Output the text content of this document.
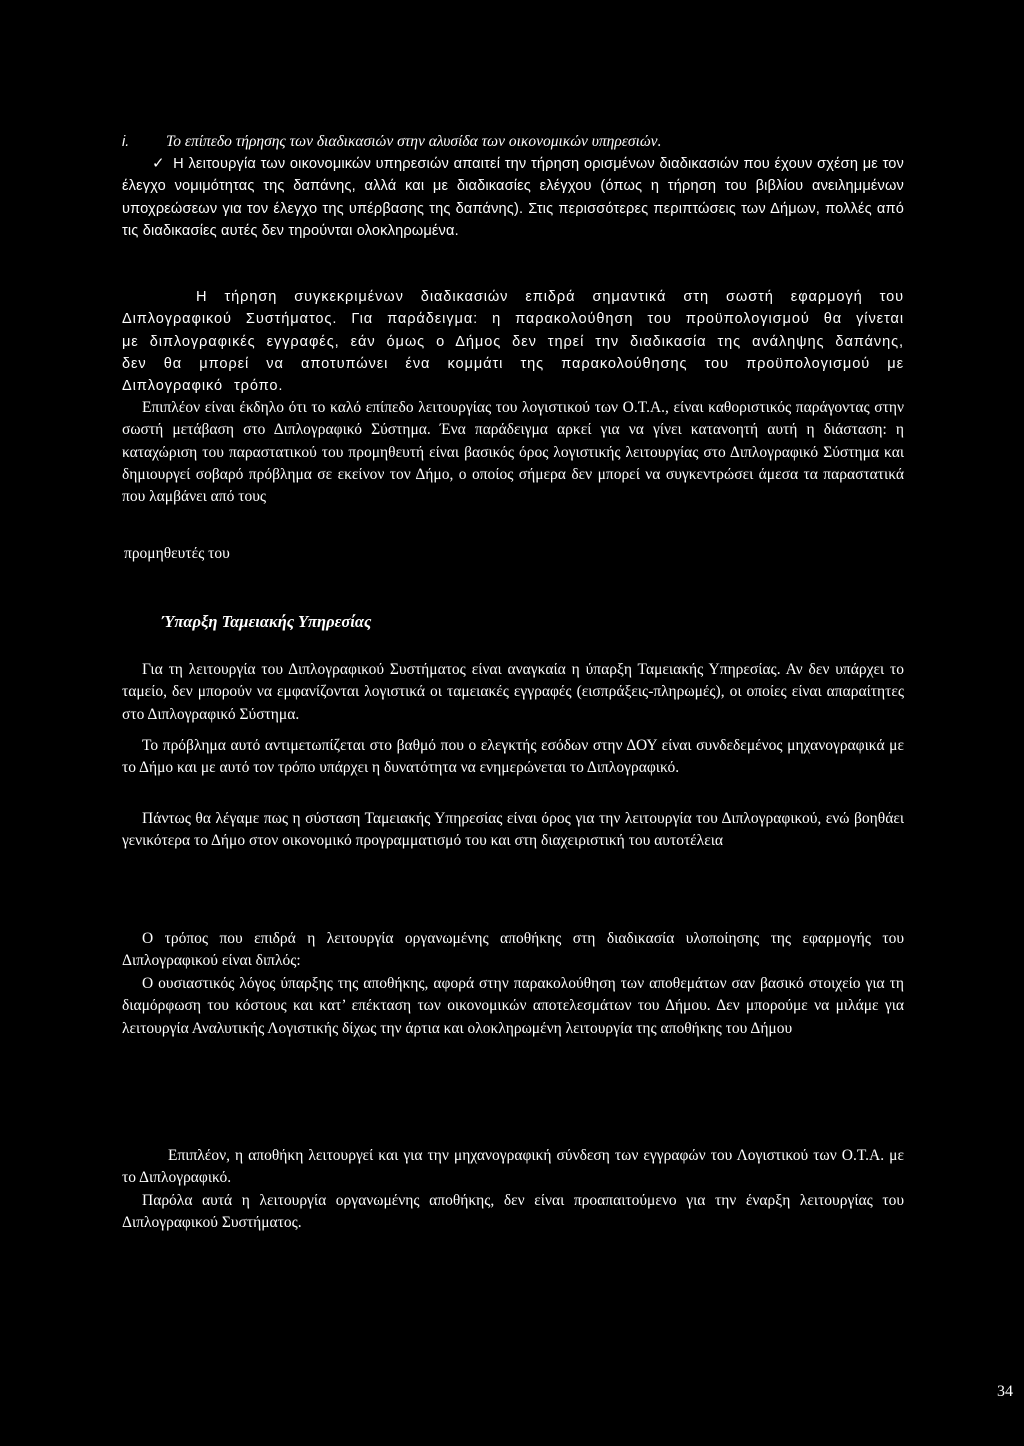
i. Το επίπεδο τήρησης των διαδικασιών στην αλυσίδα των οικονομικών υπηρεσιών.

✓ Η λειτουργία των οικονομικών υπηρεσιών απαιτεί την τήρηση ορισμένων διαδικασιών που έχουν σχέση με τον έλεγχο νομιμότητας της δαπάνης, αλλά και με διαδικασίες ελέγχου (όπως η τήρηση του βιβλίου ανειλημμένων υποχρεώσεων για τον έλεγχο της υπέρβασης της δαπάνης). Στις περισσότερες περιπτώσεις των Δήμων, πολλές από τις διαδικασίες αυτές δεν τηρούνται ολοκληρωμένα.

Η τήρηση συγκεκριμένων διαδικασιών επιδρά σημαντικά στη σωστή εφαρμογή του Διπλογραφικού Συστήματος. Για παράδειγμα: η παρακολούθηση του προϋπολογισμού θα γίνεται με διπλογραφικές εγγραφές, εάν όμως ο Δήμος δεν τηρεί την διαδικασία της ανάληψης δαπάνης, δεν θα μπορεί να αποτυπώνει ένα κομμάτι της παρακολούθησης του προϋπολογισμού με Διπλογραφικό τρόπο.

Επιπλέον είναι έκδηλο ότι το καλό επίπεδο λειτουργίας του λογιστικού των Ο.Τ.Α., είναι καθοριστικός παράγοντας στην σωστή μετάβαση στο Διπλογραφικό Σύστημα. Ένα παράδειγμα αρκεί για να γίνει κατανοητή αυτή η διάσταση: η καταχώριση του παραστατικού του προμηθευτή είναι βασικός όρος λογιστικής λειτουργίας στο Διπλογραφικό Σύστημα και δημιουργεί σοβαρό πρόβλημα σε εκείνον τον Δήμο, ο οποίος σήμερα δεν μπορεί να συγκεντρώσει άμεσα τα παραστατικά που λαμβάνει από τους

προμηθευτές του

Ύπαρξη Ταμειακής Υπηρεσίας

Για τη λειτουργία του Διπλογραφικού Συστήματος είναι αναγκαία η ύπαρξη Ταμειακής Υπηρεσίας. Αν δεν υπάρχει το ταμείο, δεν μπορούν να εμφανίζονται λογιστικά οι ταμειακές εγγραφές (εισπράξεις-πληρωμές), οι οποίες είναι απαραίτητες στο Διπλογραφικό Σύστημα.

Το πρόβλημα αυτό αντιμετωπίζεται στο βαθμό που ο ελεγκτής εσόδων στην ΔΟΥ είναι συνδεδεμένος μηχανογραφικά με το Δήμο και με αυτό τον τρόπο υπάρχει η δυνατότητα να ενημερώνεται το Διπλογραφικό.

Πάντως θα λέγαμε πως η σύσταση Ταμειακής Υπηρεσίας είναι όρος για την λειτουργία του Διπλογραφικού, ενώ βοηθάει γενικότερα το Δήμο στον οικονομικό προγραμματισμό του και στη διαχειριστική του αυτοτέλεια

Ο τρόπος που επιδρά η λειτουργία οργανωμένης αποθήκης στη διαδικασία υλοποίησης της εφαρμογής του Διπλογραφικού είναι διπλός:

Ο ουσιαστικός λόγος ύπαρξης της αποθήκης, αφορά στην παρακολούθηση των αποθεμάτων σαν βασικό στοιχείο για τη διαμόρφωση του κόστους και κατ’ επέκταση των οικονομικών αποτελεσμάτων του Δήμου. Δεν μπορούμε να μιλάμε για λειτουργία Αναλυτικής Λογιστικής δίχως την άρτια και ολοκληρωμένη λειτουργία της αποθήκης του Δήμου

Επιπλέον, η αποθήκη λειτουργεί και για την μηχανογραφική σύνδεση των εγγραφών του Λογιστικού των Ο.Τ.Α. με το Διπλογραφικό.

Παρόλα αυτά η λειτουργία οργανωμένης αποθήκης, δεν είναι προαπαιτούμενο για την έναρξη λειτουργίας του Διπλογραφικού Συστήματος.

34
